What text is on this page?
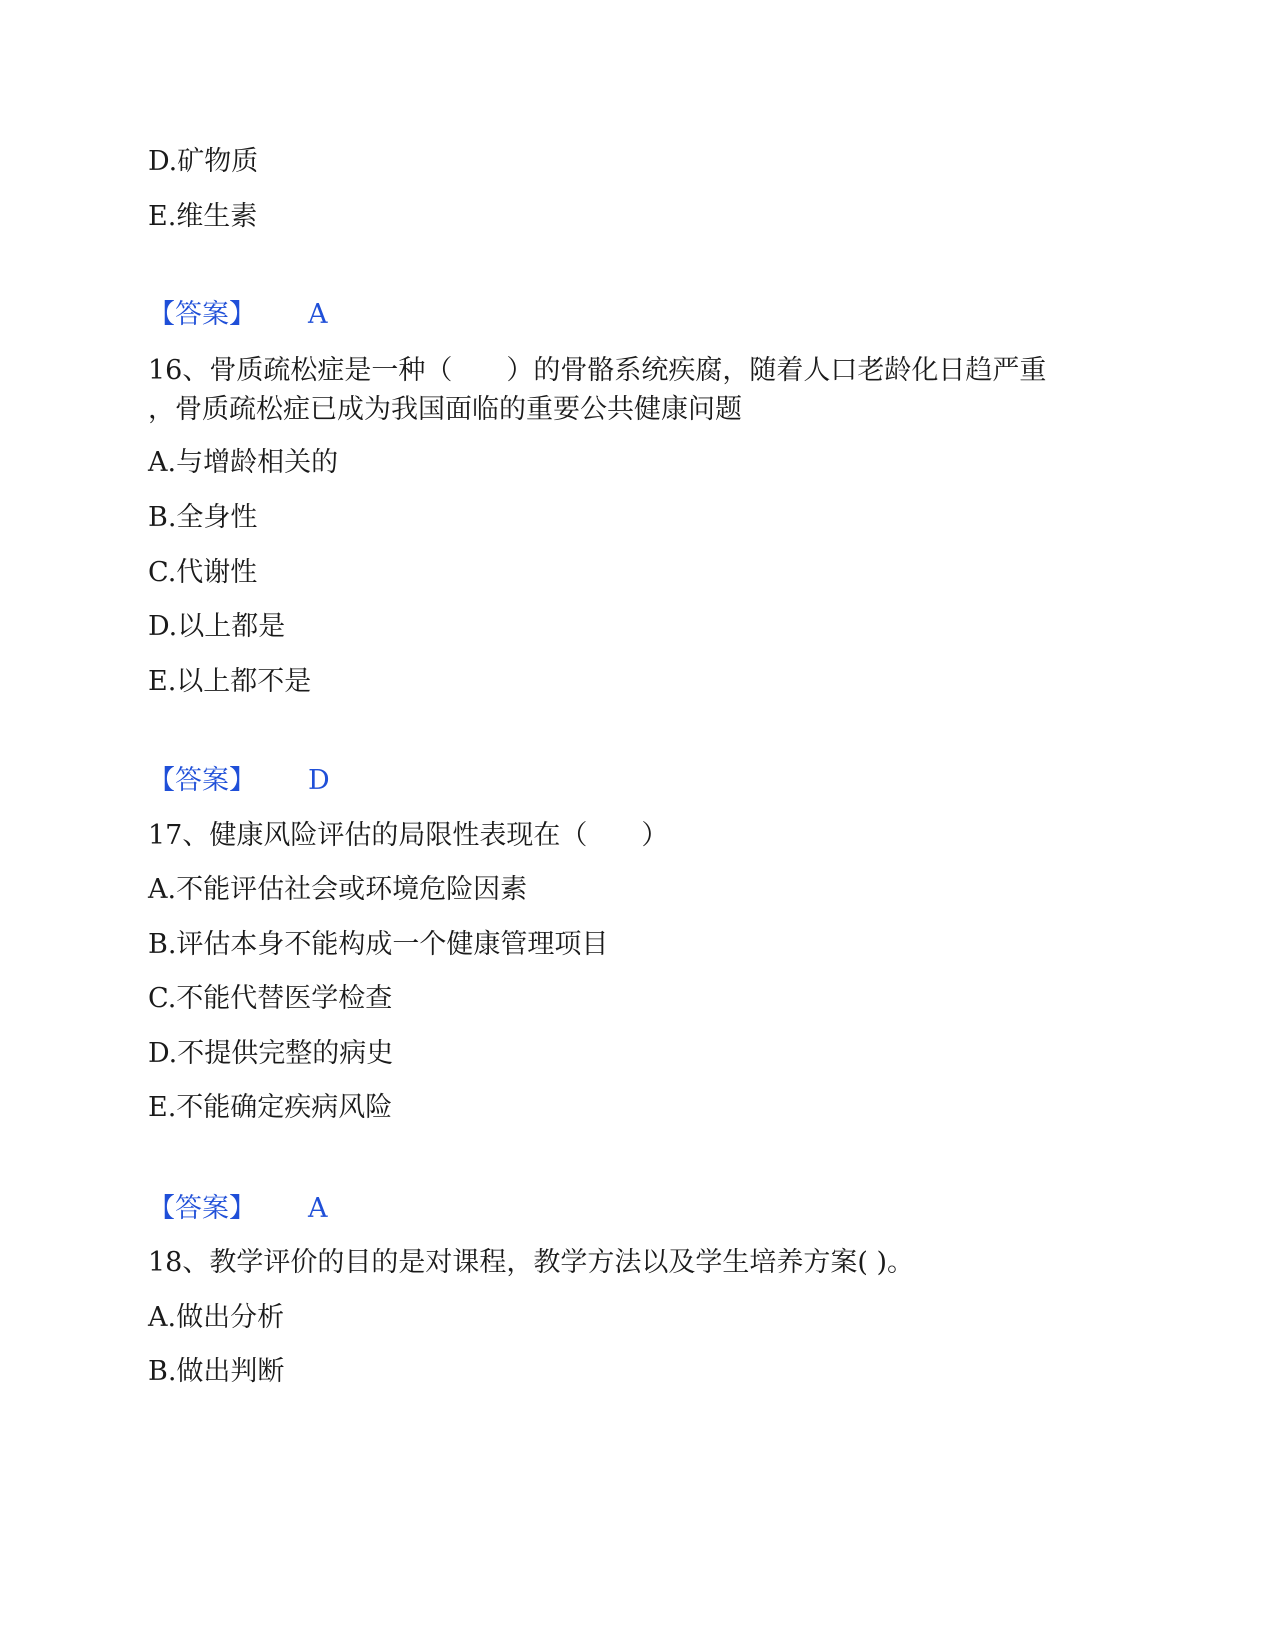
D.矿物质
E.维生素
【答案】 A
16、骨质疏松症是一种（　　）的骨骼系统疾腐，随着人口老龄化日趋严重
，骨质疏松症已成为我国面临的重要公共健康问题
A.与增龄相关的
B.全身性
C.代谢性
D.以上都是
E.以上都不是
【答案】 D
17、健康风险评估的局限性表现在（　　）
A.不能评估社会或环境危险因素
B.评估本身不能构成一个健康管理项目
C.不能代替医学检查
D.不提供完整的病史
E.不能确定疾病风险
【答案】 A
18、教学评价的目的是对课程，教学方法以及学生培养方案( )。
A.做出分析
B.做出判断
